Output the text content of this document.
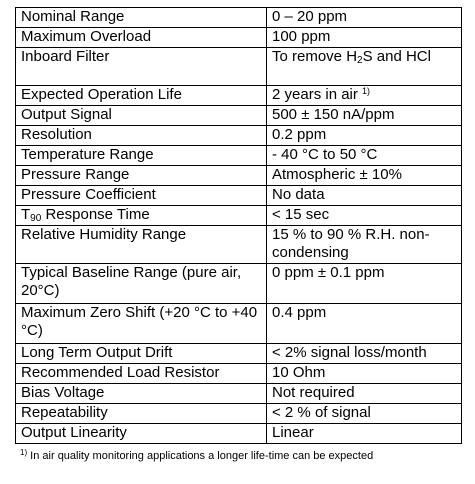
Nominal Range	0 – 20 ppm
Maximum Overload	100 ppm
Inboard Filter	To remove $H_2S$ and HCl
Expected Operation Life	2 years in air $^{1)}$
Output Signal	500 ± 150 nA/ppm
Resolution	0.2 ppm
Temperature Range	- 40 °C to 50 °C
Pressure Range	Atmospheric ± 10%
Pressure Coefficient	No data
$T_{90}$ Response Time	< 15 sec
Relative Humidity Range	15 % to 90 % R.H. non-condensing
Typical Baseline Range (pure air, 20°C)	0 ppm ± 0.1 ppm
Maximum Zero Shift (+20 °C to +40 °C)	0.4 ppm
Long Term Output Drift	< 2% signal loss/month
Recommended Load Resistor	10 Ohm
Bias Voltage	Not required
Repeatability	< 2 % of signal
Output Linearity	Linear
$^{1)}$ In air quality monitoring applications a longer life-time can be expected
